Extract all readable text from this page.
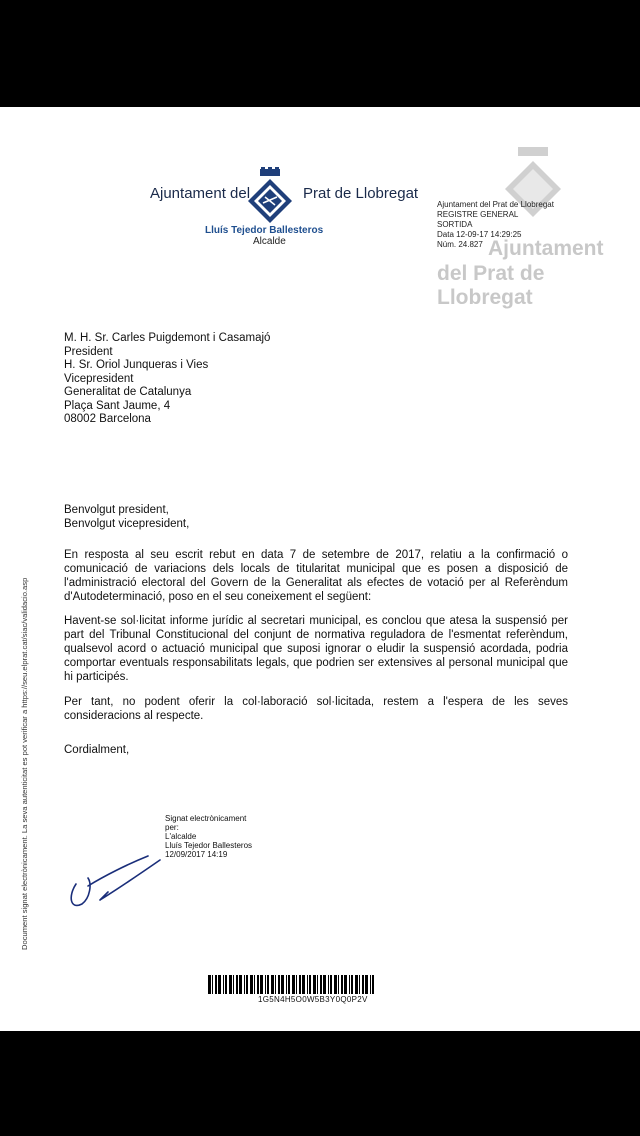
Ajuntament del	Prat de Llobregat
Lluís Tejedor Ballesteros
Alcalde	Ajuntament
del Prat de Llobregat
Ajuntament del Prat de Llobregat
REGISTRE GENERAL
SORTIDA
Data 12-09-17 14:29:25
Núm. 24.827
M. H. Sr. Carles Puigdemont i Casamajó
President
H. Sr. Oriol Junqueras i Vies
Vicepresident
Generalitat de Catalunya
Plaça Sant Jaume, 4
08002 Barcelona
Document signat electrònicament. La seva autenticitat es pot verificar a https://seu.elprat.cat/siac/validacio.asp
Benvolgut president,
Benvolgut vicepresident,
En resposta al seu escrit rebut en data 7 de setembre de 2017, relatiu a la confirmació o comunicació de variacions dels locals de titularitat municipal que es posen a disposició de l'administració electoral del Govern de la Generalitat als efectes de votació per al Referèndum d'Autodeterminació, poso en el seu coneixement el següent:
Havent-se sol·licitat informe jurídic al secretari municipal, es conclou que atesa la suspensió per part del Tribunal Constitucional del conjunt de normativa reguladora de l'esmentat referèndum, qualsevol acord o actuació municipal que suposi ignorar o eludir la suspensió acordada, podria comportar eventuals responsabilitats legals, que podrien ser extensives al personal municipal que hi participés.
Per tant, no podent oferir la col·laboració sol·licitada, restem a l'espera de les seves consideracions al respecte.
Cordialment,
Signat electrònicament
per:
L'alcalde
Lluís Tejedor Ballesteros
12/09/2017 14:19
1G5N4H5O0W5B3Y0Q0P2V
